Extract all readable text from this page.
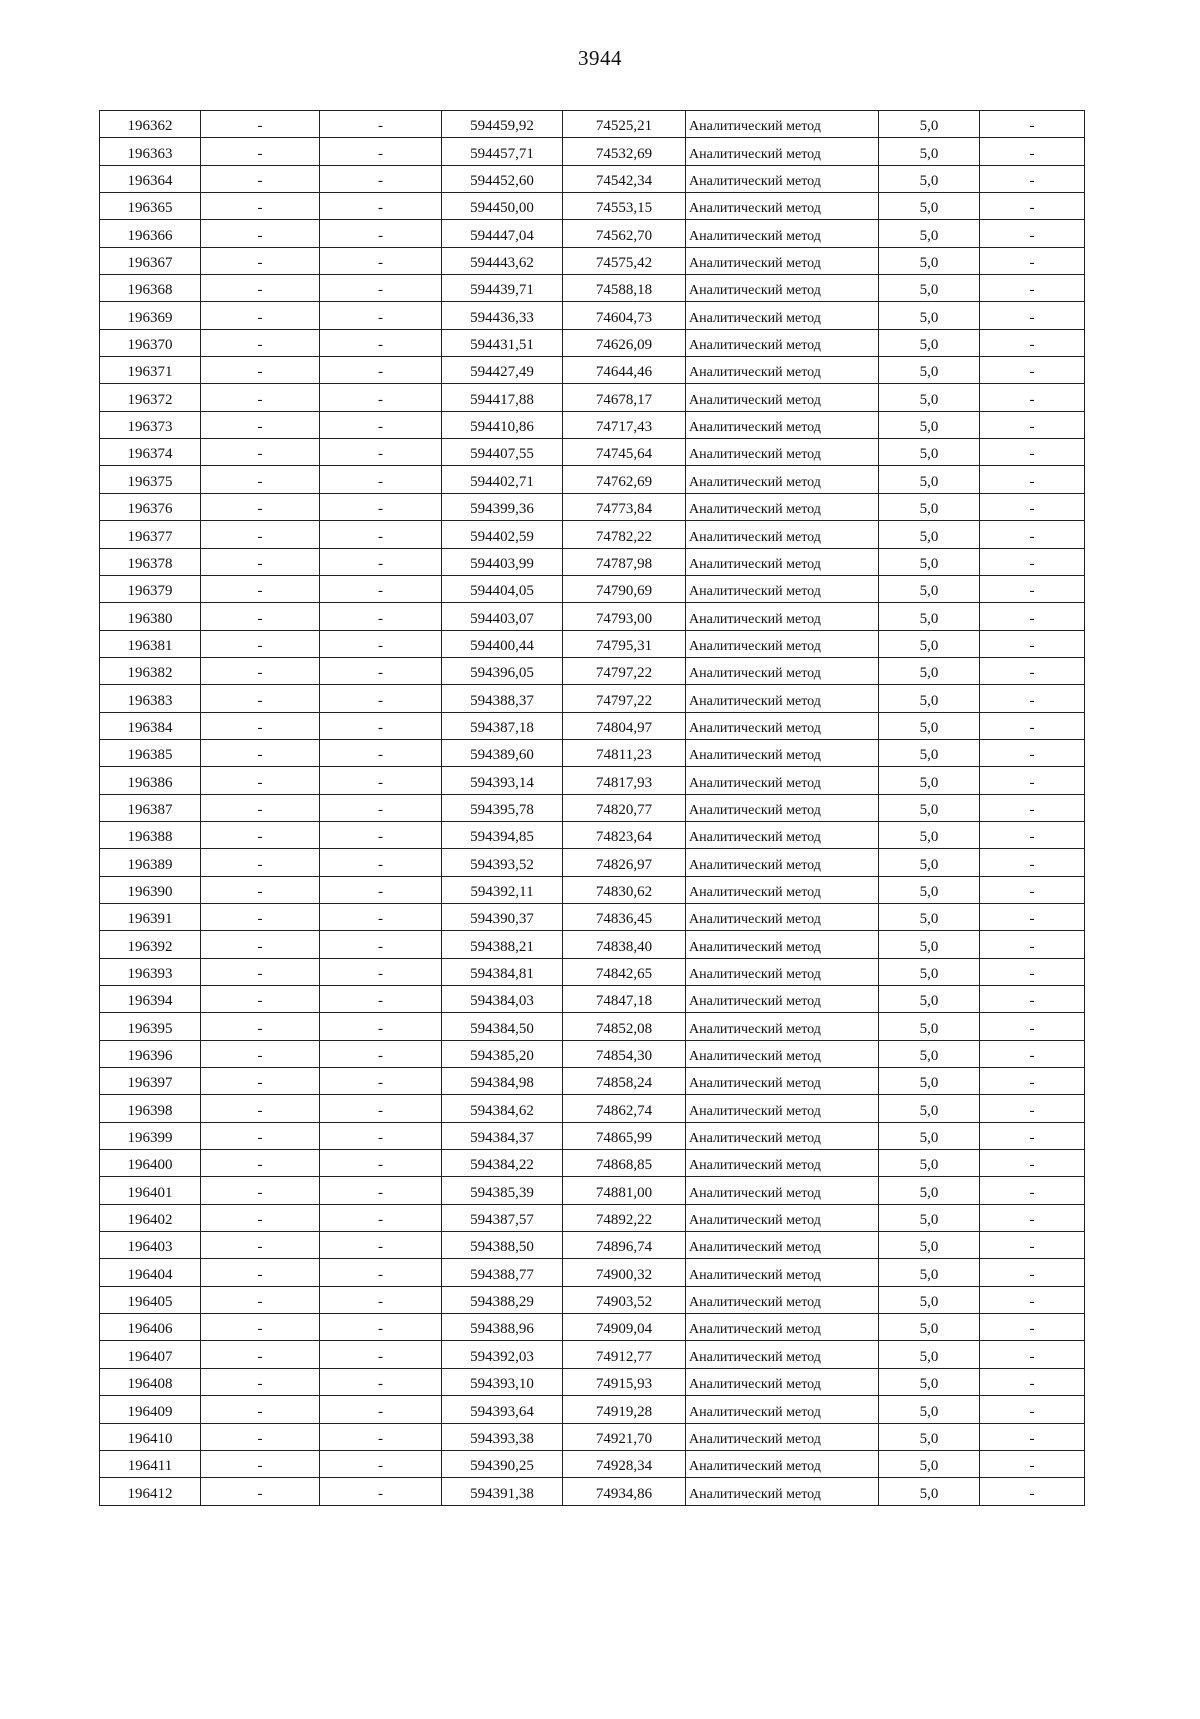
3944
196362	-	-	594459,92	74525,21	Аналитический метод	5,0	-
196363	-	-	594457,71	74532,69	Аналитический метод	5,0	-
196364	-	-	594452,60	74542,34	Аналитический метод	5,0	-
196365	-	-	594450,00	74553,15	Аналитический метод	5,0	-
196366	-	-	594447,04	74562,70	Аналитический метод	5,0	-
196367	-	-	594443,62	74575,42	Аналитический метод	5,0	-
196368	-	-	594439,71	74588,18	Аналитический метод	5,0	-
196369	-	-	594436,33	74604,73	Аналитический метод	5,0	-
196370	-	-	594431,51	74626,09	Аналитический метод	5,0	-
196371	-	-	594427,49	74644,46	Аналитический метод	5,0	-
196372	-	-	594417,88	74678,17	Аналитический метод	5,0	-
196373	-	-	594410,86	74717,43	Аналитический метод	5,0	-
196374	-	-	594407,55	74745,64	Аналитический метод	5,0	-
196375	-	-	594402,71	74762,69	Аналитический метод	5,0	-
196376	-	-	594399,36	74773,84	Аналитический метод	5,0	-
196377	-	-	594402,59	74782,22	Аналитический метод	5,0	-
196378	-	-	594403,99	74787,98	Аналитический метод	5,0	-
196379	-	-	594404,05	74790,69	Аналитический метод	5,0	-
196380	-	-	594403,07	74793,00	Аналитический метод	5,0	-
196381	-	-	594400,44	74795,31	Аналитический метод	5,0	-
196382	-	-	594396,05	74797,22	Аналитический метод	5,0	-
196383	-	-	594388,37	74797,22	Аналитический метод	5,0	-
196384	-	-	594387,18	74804,97	Аналитический метод	5,0	-
196385	-	-	594389,60	74811,23	Аналитический метод	5,0	-
196386	-	-	594393,14	74817,93	Аналитический метод	5,0	-
196387	-	-	594395,78	74820,77	Аналитический метод	5,0	-
196388	-	-	594394,85	74823,64	Аналитический метод	5,0	-
196389	-	-	594393,52	74826,97	Аналитический метод	5,0	-
196390	-	-	594392,11	74830,62	Аналитический метод	5,0	-
196391	-	-	594390,37	74836,45	Аналитический метод	5,0	-
196392	-	-	594388,21	74838,40	Аналитический метод	5,0	-
196393	-	-	594384,81	74842,65	Аналитический метод	5,0	-
196394	-	-	594384,03	74847,18	Аналитический метод	5,0	-
196395	-	-	594384,50	74852,08	Аналитический метод	5,0	-
196396	-	-	594385,20	74854,30	Аналитический метод	5,0	-
196397	-	-	594384,98	74858,24	Аналитический метод	5,0	-
196398	-	-	594384,62	74862,74	Аналитический метод	5,0	-
196399	-	-	594384,37	74865,99	Аналитический метод	5,0	-
196400	-	-	594384,22	74868,85	Аналитический метод	5,0	-
196401	-	-	594385,39	74881,00	Аналитический метод	5,0	-
196402	-	-	594387,57	74892,22	Аналитический метод	5,0	-
196403	-	-	594388,50	74896,74	Аналитический метод	5,0	-
196404	-	-	594388,77	74900,32	Аналитический метод	5,0	-
196405	-	-	594388,29	74903,52	Аналитический метод	5,0	-
196406	-	-	594388,96	74909,04	Аналитический метод	5,0	-
196407	-	-	594392,03	74912,77	Аналитический метод	5,0	-
196408	-	-	594393,10	74915,93	Аналитический метод	5,0	-
196409	-	-	594393,64	74919,28	Аналитический метод	5,0	-
196410	-	-	594393,38	74921,70	Аналитический метод	5,0	-
196411	-	-	594390,25	74928,34	Аналитический метод	5,0	-
196412	-	-	594391,38	74934,86	Аналитический метод	5,0	-
